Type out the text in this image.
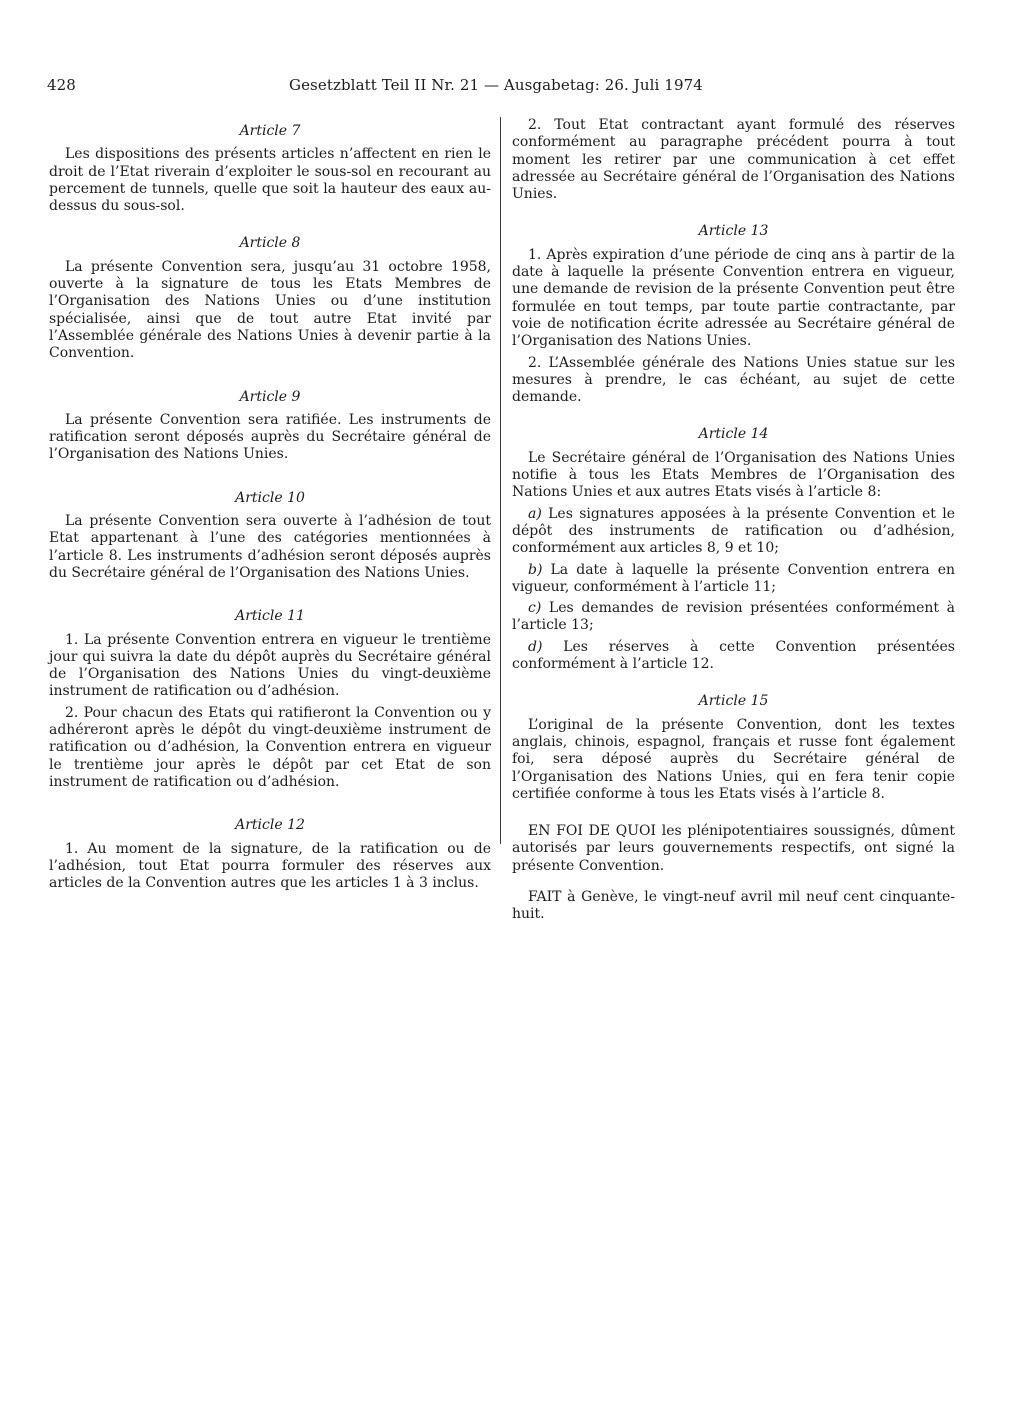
428	Gesetzblatt Teil II Nr. 21 — Ausgabetag: 26. Juli 1974
Article 7

Les dispositions des présents articles n’affectent en rien le droit de l’Etat riverain d’exploiter le sous-sol en recourant au percement de tunnels, quelle que soit la hauteur des eaux au-dessus du sous-sol.

Article 8

La présente Convention sera, jusqu’au 31 octobre 1958, ouverte à la signature de tous les Etats Membres de l’Organisation des Nations Unies ou d’une institution spécialisée, ainsi que de tout autre Etat invité par l’Assemblée générale des Nations Unies à devenir partie à la Convention.

Article 9

La présente Convention sera ratifiée. Les instruments de ratification seront déposés auprès du Secrétaire général de l’Organisation des Nations Unies.

Article 10

La présente Convention sera ouverte à l’adhésion de tout Etat appartenant à l’une des catégories mentionnées à l’article 8. Les instruments d’adhésion seront déposés auprès du Secrétaire général de l’Organisation des Nations Unies.

Article 11

1. La présente Convention entrera en vigueur le trentième jour qui suivra la date du dépôt auprès du Secrétaire général de l’Organisation des Nations Unies du vingt-deuxième instrument de ratification ou d’adhésion.

2. Pour chacun des Etats qui ratifieront la Convention ou y adhéreront après le dépôt du vingt-deuxième instrument de ratification ou d’adhésion, la Convention entrera en vigueur le trentième jour après le dépôt par cet Etat de son instrument de ratification ou d’adhésion.

Article 12

1. Au moment de la signature, de la ratification ou de l’adhésion, tout Etat pourra formuler des réserves aux articles de la Convention autres que les articles 1 à 3 inclus.

2. Tout Etat contractant ayant formulé des réserves conformément au paragraphe précédent pourra à tout moment les retirer par une communication à cet effet adressée au Secrétaire général de l’Organisation des Nations Unies.

Article 13

1. Après expiration d’une période de cinq ans à partir de la date à laquelle la présente Convention entrera en vigueur, une demande de revision de la présente Convention peut être formulée en tout temps, par toute partie contractante, par voie de notification écrite adressée au Secrétaire général de l’Organisation des Nations Unies.

2. L’Assemblée générale des Nations Unies statue sur les mesures à prendre, le cas échéant, au sujet de cette demande.

Article 14

Le Secrétaire général de l’Organisation des Nations Unies notifie à tous les Etats Membres de l’Organisation des Nations Unies et aux autres Etats visés à l’article 8:

a) Les signatures apposées à la présente Convention et le dépôt des instruments de ratification ou d’adhésion, conformément aux articles 8, 9 et 10;

b) La date à laquelle la présente Convention entrera en vigueur, conformément à l’article 11;

c) Les demandes de revision présentées conformément à l’article 13;

d) Les réserves à cette Convention présentées conformément à l’article 12.

Article 15

L’original de la présente Convention, dont les textes anglais, chinois, espagnol, français et russe font également foi, sera déposé auprès du Secrétaire général de l’Organisation des Nations Unies, qui en fera tenir copie certifiée conforme à tous les Etats visés à l’article 8.

EN FOI DE QUOI les plénipotentiaires soussignés, dûment autorisés par leurs gouvernements respectifs, ont signé la présente Convention.

FAIT à Genève, le vingt-neuf avril mil neuf cent cinquante-huit.
